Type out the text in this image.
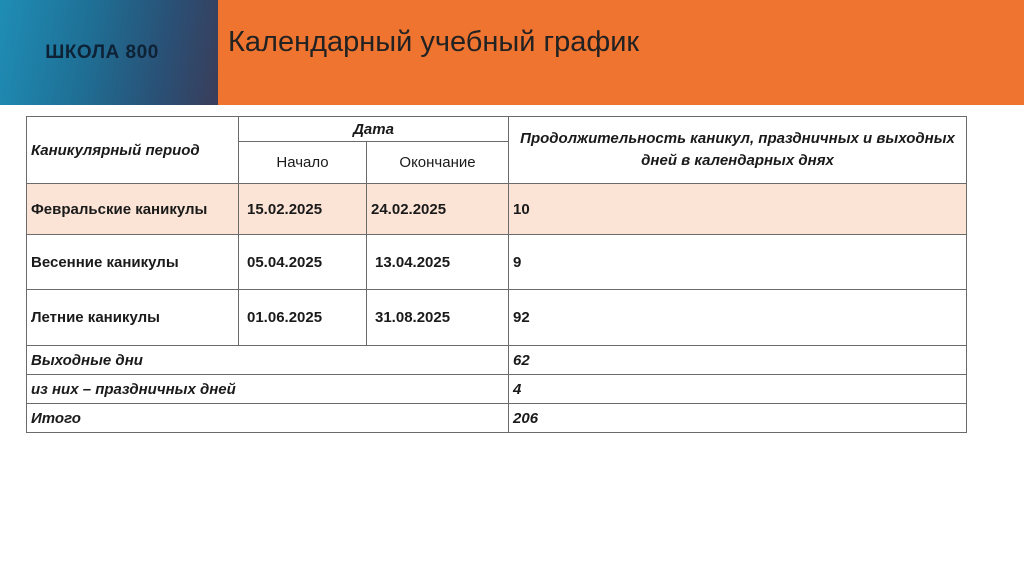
ШКОЛА 800 Календарный учебный график
Каникулярный период	Дата		Продолжительность каникул, праздничных и выходных дней в календарных днях
	Начало	Окончание	
Февральские каникулы	15.02.2025	24.02.2025	10
Весенние каникулы	05.04.2025	13.04.2025	9
Летние каникулы	01.06.2025	31.08.2025	92
Выходные дни			62
из них – праздничных дней			4
Итого			206
